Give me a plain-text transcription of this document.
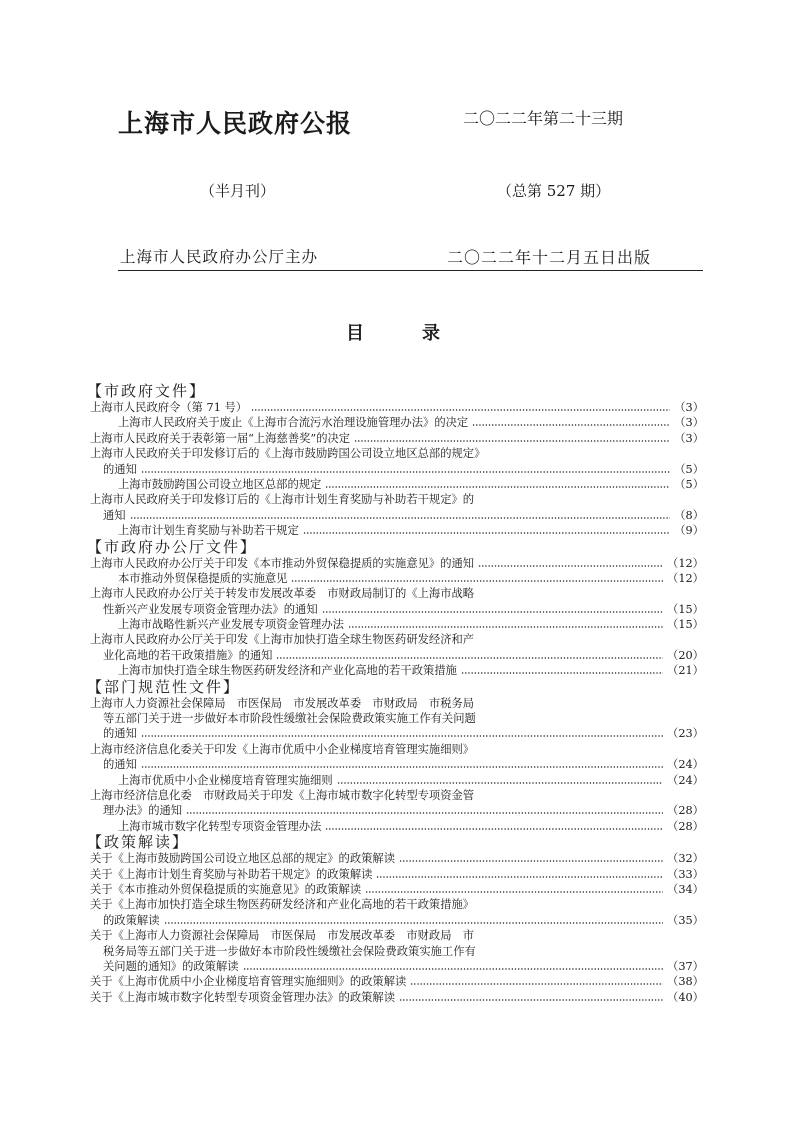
上海市人民政府公报	二〇二二年第二十三期
（半月刊）	（总第 527 期）
上海市人民政府办公厅主办	二〇二二年十二月五日出版
目	录
【市政府文件】
上海市人民政府令（第 71 号）	（3）
上海市人民政府关于废止《上海市合流污水治理设施管理办法》的决定	（3）
上海市人民政府关于表彰第一届“上海慈善奖”的决定	（3）
上海市人民政府关于印发修订后的《上海市鼓励跨国公司设立地区总部的规定》
的通知	（5）
上海市鼓励跨国公司设立地区总部的规定	（5）
上海市人民政府关于印发修订后的《上海市计划生育奖励与补助若干规定》的
通知	（8）
上海市计划生育奖励与补助若干规定	（9）
【市政府办公厅文件】
上海市人民政府办公厅关于印发《本市推动外贸保稳提质的实施意见》的通知	（12）
本市推动外贸保稳提质的实施意见	（12）
上海市人民政府办公厅关于转发市发展改革委　市财政局制订的《上海市战略
性新兴产业发展专项资金管理办法》的通知	（15）
上海市战略性新兴产业发展专项资金管理办法	（15）
上海市人民政府办公厅关于印发《上海市加快打造全球生物医药研发经济和产
业化高地的若干政策措施》的通知	（20）
上海市加快打造全球生物医药研发经济和产业化高地的若干政策措施	（21）
【部门规范性文件】
上海市人力资源社会保障局　市医保局　市发展改革委　市财政局　市税务局
等五部门关于进一步做好本市阶段性缓缴社会保险费政策实施工作有关问题
的通知	（23）
上海市经济信息化委关于印发《上海市优质中小企业梯度培育管理实施细则》
的通知	（24）
上海市优质中小企业梯度培育管理实施细则	（24）
上海市经济信息化委　市财政局关于印发《上海市城市数字化转型专项资金管
理办法》的通知	（28）
上海市城市数字化转型专项资金管理办法	（28）
【政策解读】
关于《上海市鼓励跨国公司设立地区总部的规定》的政策解读	（32）
关于《上海市计划生育奖励与补助若干规定》的政策解读	（33）
关于《本市推动外贸保稳提质的实施意见》的政策解读	（34）
关于《上海市加快打造全球生物医药研发经济和产业化高地的若干政策措施》
的政策解读	（35）
关于《上海市人力资源社会保障局　市医保局　市发展改革委　市财政局　市
税务局等五部门关于进一步做好本市阶段性缓缴社会保险费政策实施工作有
关问题的通知》的政策解读	（37）
关于《上海市优质中小企业梯度培育管理实施细则》的政策解读	（38）
关于《上海市城市数字化转型专项资金管理办法》的政策解读	（40）
